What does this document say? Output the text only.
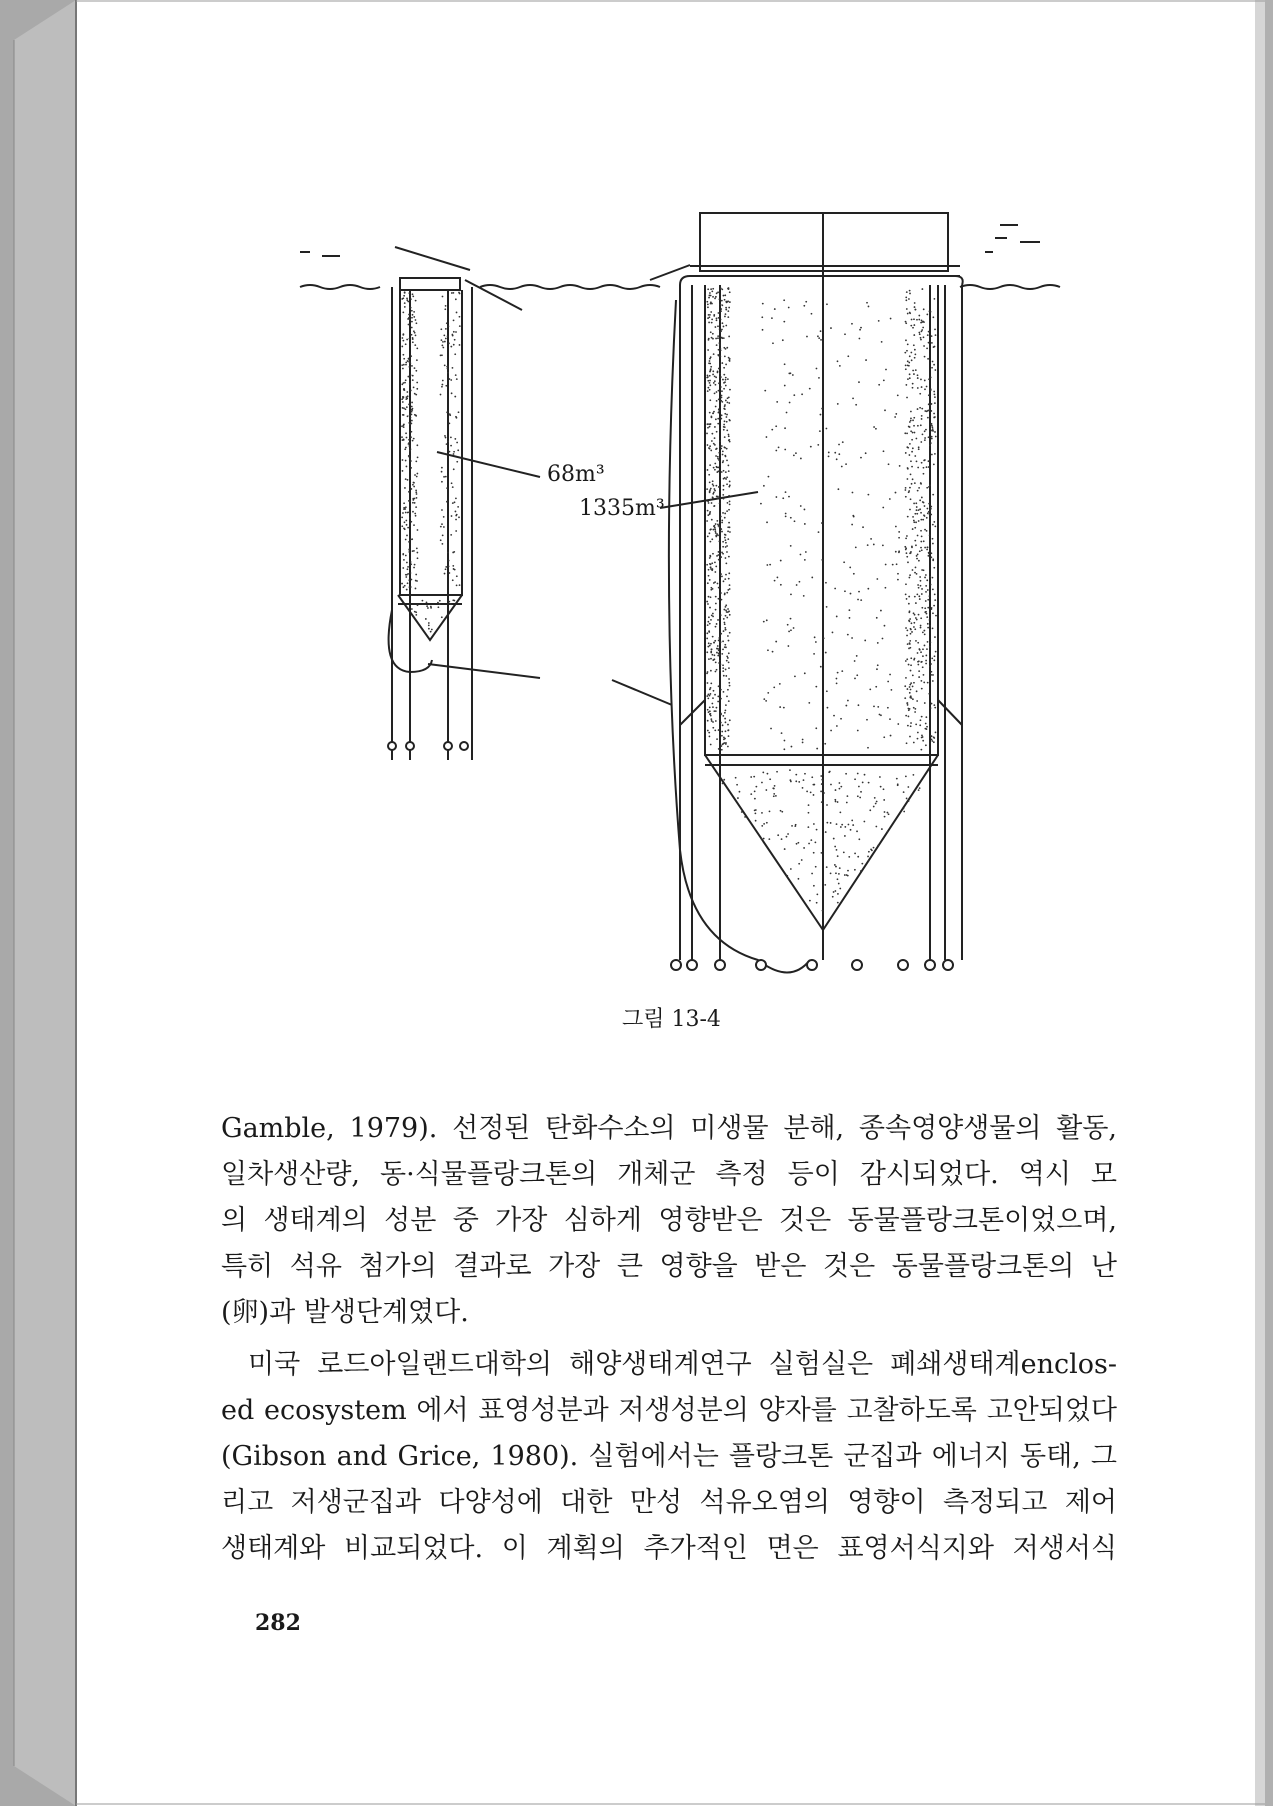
68m³
1335m³
그림 13-4
Gamble, 1979). 선정된 탄화수소의 미생물 분해, 종속영양생물의 활동,
일차생산량, 동·식물플랑크톤의 개체군 측정 등이 감시되었다. 역시 모
의 생태계의 성분 중 가장 심하게 영향받은 것은 동물플랑크톤이었으며,
특히 석유 첨가의 결과로 가장 큰 영향을 받은 것은 동물플랑크톤의 난
(卵)과 발생단계였다.
미국 로드아일랜드대학의 해양생태계연구 실험실은 폐쇄생태계enclos-
ed ecosystem 에서 표영성분과 저생성분의 양자를 고찰하도록 고안되었다
(Gibson and Grice, 1980). 실험에서는 플랑크톤 군집과 에너지 동태, 그
리고 저생군집과 다양성에 대한 만성 석유오염의 영향이 측정되고 제어
생태계와 비교되었다. 이 계획의 추가적인 면은 표영서식지와 저생서식
282
